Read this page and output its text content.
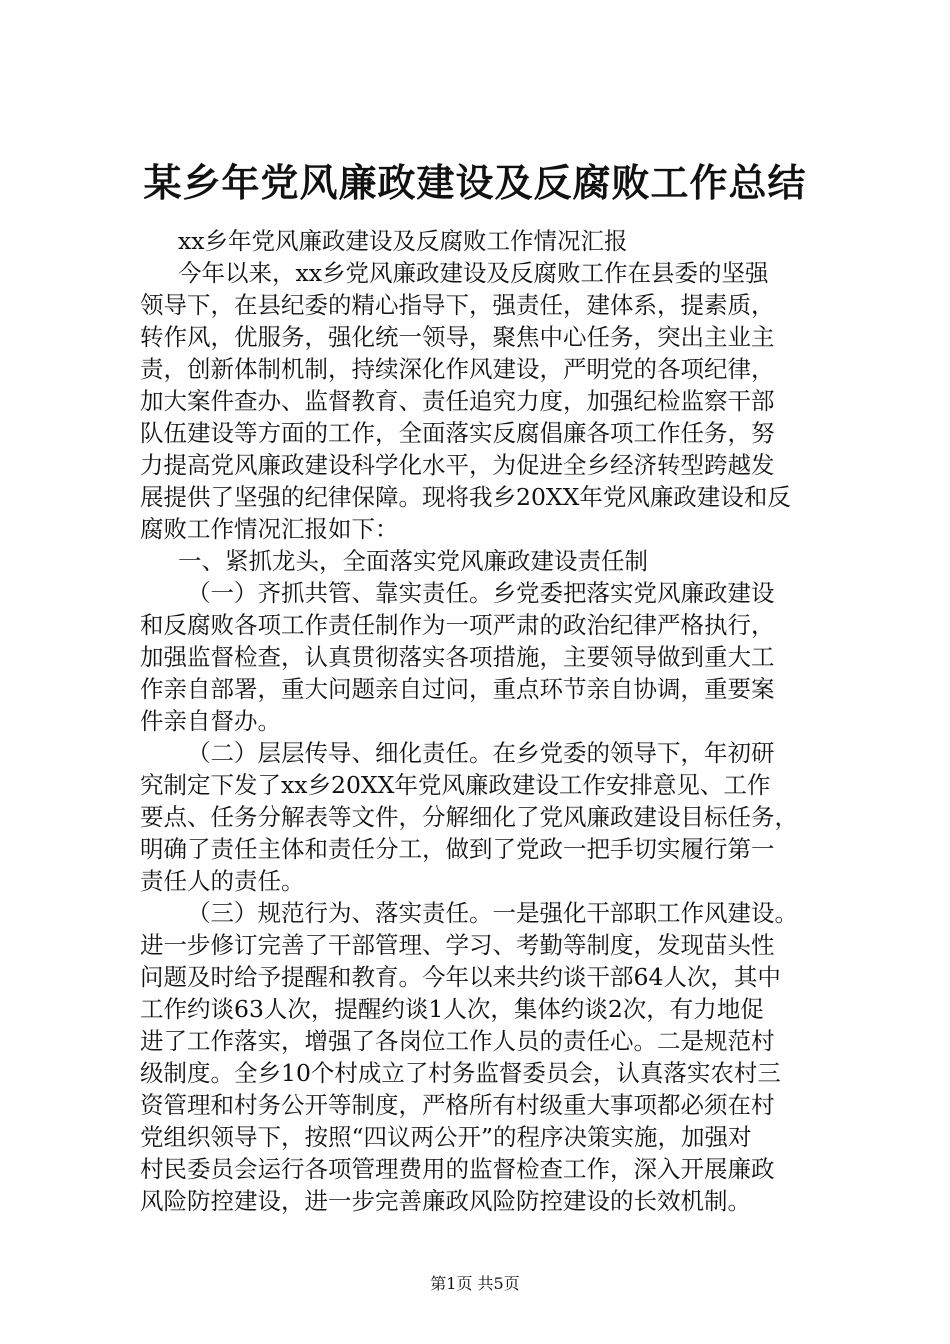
某乡年党风廉政建设及反腐败工作总结
xx乡年党风廉政建设及反腐败工作情况汇报
今年以来，xx乡党风廉政建设及反腐败工作在县委的坚强
领导下，在县纪委的精心指导下，强责任，建体系，提素质，
转作风，优服务，强化统一领导，聚焦中心任务，突出主业主
责，创新体制机制，持续深化作风建设，严明党的各项纪律，
加大案件查办、监督教育、责任追究力度，加强纪检监察干部
队伍建设等方面的工作，全面落实反腐倡廉各项工作任务，努
力提高党风廉政建设科学化水平，为促进全乡经济转型跨越发
展提供了坚强的纪律保障。现将我乡20XX年党风廉政建设和反
腐败工作情况汇报如下：
一、紧抓龙头，全面落实党风廉政建设责任制
（一）齐抓共管、靠实责任。乡党委把落实党风廉政建设
和反腐败各项工作责任制作为一项严肃的政治纪律严格执行，
加强监督检查，认真贯彻落实各项措施，主要领导做到重大工
作亲自部署，重大问题亲自过问，重点环节亲自协调，重要案
件亲自督办。
（二）层层传导、细化责任。在乡党委的领导下，年初研
究制定下发了xx乡20XX年党风廉政建设工作安排意见、工作
要点、任务分解表等文件，分解细化了党风廉政建设目标任务，
明确了责任主体和责任分工，做到了党政一把手切实履行第一
责任人的责任。
（三）规范行为、落实责任。一是强化干部职工作风建设。
进一步修订完善了干部管理、学习、考勤等制度，发现苗头性
问题及时给予提醒和教育。今年以来共约谈干部64人次，其中
工作约谈63人次，提醒约谈1人次，集体约谈2次，有力地促
进了工作落实，增强了各岗位工作人员的责任心。二是规范村
级制度。全乡10个村成立了村务监督委员会，认真落实农村三
资管理和村务公开等制度，严格所有村级重大事项都必须在村
党组织领导下，按照“四议两公开”的程序决策实施，加强对
村民委员会运行各项管理费用的监督检查工作，深入开展廉政
风险防控建设，进一步完善廉政风险防控建设的长效机制。
第1页 共5页
